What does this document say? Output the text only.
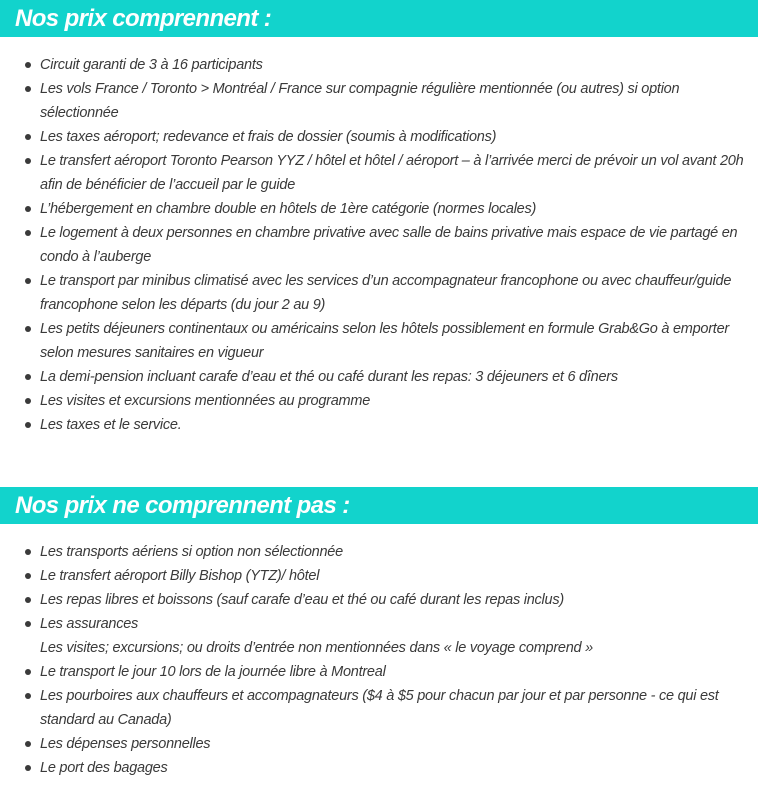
Nos prix comprennent :
Circuit garanti de 3 à 16 participants
Les vols France / Toronto > Montréal / France sur compagnie régulière mentionnée (ou autres) si option sélectionnée
Les taxes aéroport; redevance et frais de dossier (soumis à modifications)
Le transfert aéroport Toronto Pearson YYZ / hôtel et hôtel / aéroport – à l’arrivée merci de prévoir un vol avant 20h afin de bénéficier de l’accueil par le guide
L’hébergement en chambre double en hôtels de 1ère catégorie (normes locales)
Le logement à deux personnes en chambre privative avec salle de bains privative mais espace de vie partagé en condo à l’auberge
Le transport par minibus climatisé avec les services d’un accompagnateur francophone ou avec chauffeur/guide francophone selon les départs (du jour 2 au 9)
Les petits déjeuners continentaux ou américains selon les hôtels possiblement en formule Grab&Go à emporter selon mesures sanitaires en vigueur
La demi-pension incluant carafe d’eau et thé ou café durant les repas: 3 déjeuners et 6 dîners
Les visites et excursions mentionnées au programme
Les taxes et le service.
Nos prix ne comprennent pas :
Les transports aériens si option non sélectionnée
Le transfert aéroport Billy Bishop (YTZ)/ hôtel
Les repas libres et boissons (sauf carafe d’eau et thé ou café durant les repas inclus)
Les assurances
Les visites; excursions; ou droits d’entrée non mentionnées dans « le voyage comprend »
Le transport le jour 10 lors de la journée libre à Montreal
Les pourboires aux chauffeurs et accompagnateurs ($4 à $5 pour chacun par jour et par personne - ce qui est standard au Canada)
Les dépenses personnelles
Le port des bagages
